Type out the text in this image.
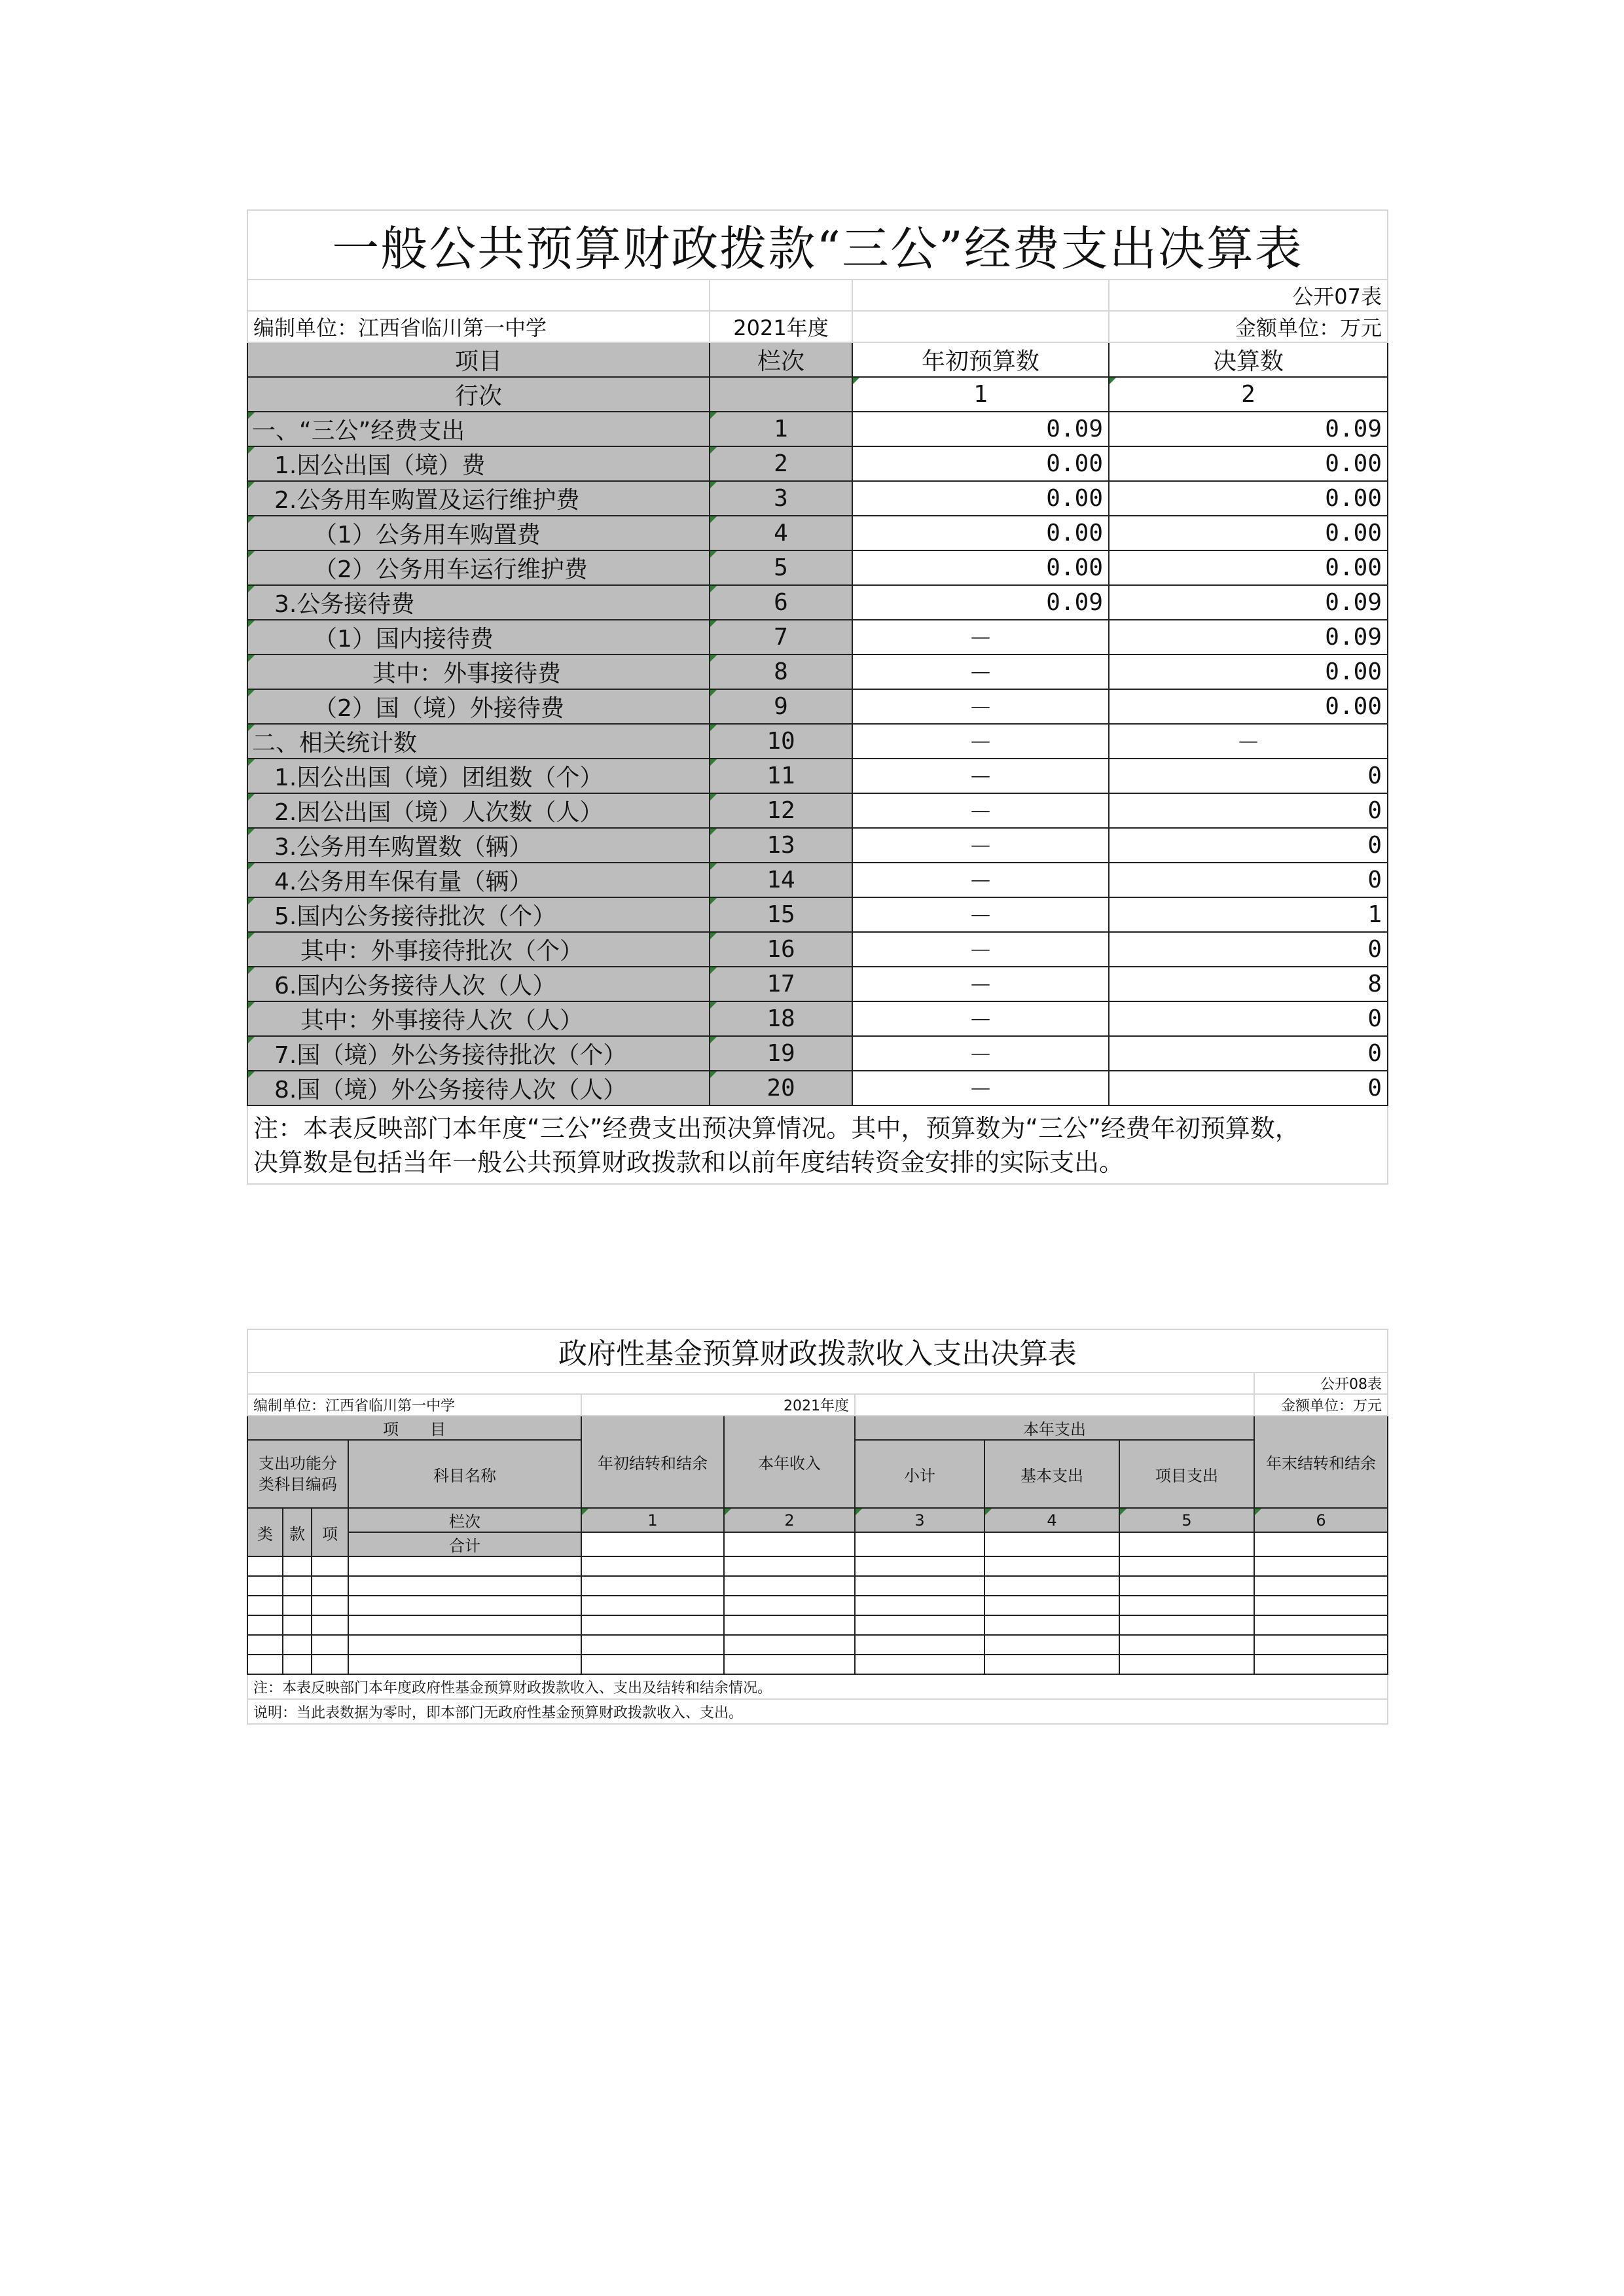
一般公共预算财政拨款“三公”经费支出决算表			
			公开07表
编制单位：江西省临川第一中学	2021年度		金额单位：万元
项目	栏次	年初预算数	决算数
行次		1	2
一、“三公”经费支出	1	0.09	0.09
1.因公出国（境）费	2	0.00	0.00
2.公务用车购置及运行维护费	3	0.00	0.00
（1）公务用车购置费	4	0.00	0.00
（2）公务用车运行维护费	5	0.00	0.00
3.公务接待费	6	0.09	0.09
（1）国内接待费	7	－	0.09
其中：外事接待费	8	－	0.00
（2）国（境）外接待费	9	－	0.00
二、相关统计数	10	－	－
1.因公出国（境）团组数（个）	11	－	0
2.因公出国（境）人次数（人）	12	－	0
3.公务用车购置数（辆）	13	－	0
4.公务用车保有量（辆）	14	－	0
5.国内公务接待批次（个）	15	－	1
其中：外事接待批次（个）	16	－	0
6.国内公务接待人次（人）	17	－	8
其中：外事接待人次（人）	18	－	0
7.国（境）外公务接待批次（个）	19	－	0
8.国（境）外公务接待人次（人）	20	－	0
注：本表反映部门本年度“三公”经费支出预决算情况。其中，预算数为“三公”经费年初预算数，
决算数是包括当年一般公共预算财政拨款和以前年度结转资金安排的实际支出。			
政府性基金预算财政拨款收入支出决算表									
									公开08表
编制单位：江西省临川第一中学				2021年度					金额单位：万元
项　　目				年初结转和结余	本年收入	本年支出			年末结转和结余
支出功能分类科目编码			科目名称			小计	基本支出	项目支出	
类	款	项	栏次	1	2	3	4	5	6
			合计						

注：本表反映部门本年度政府性基金预算财政拨款收入、支出及结转和结余情况。									
说明：当此表数据为零时，即本部门无政府性基金预算财政拨款收入、支出。									
